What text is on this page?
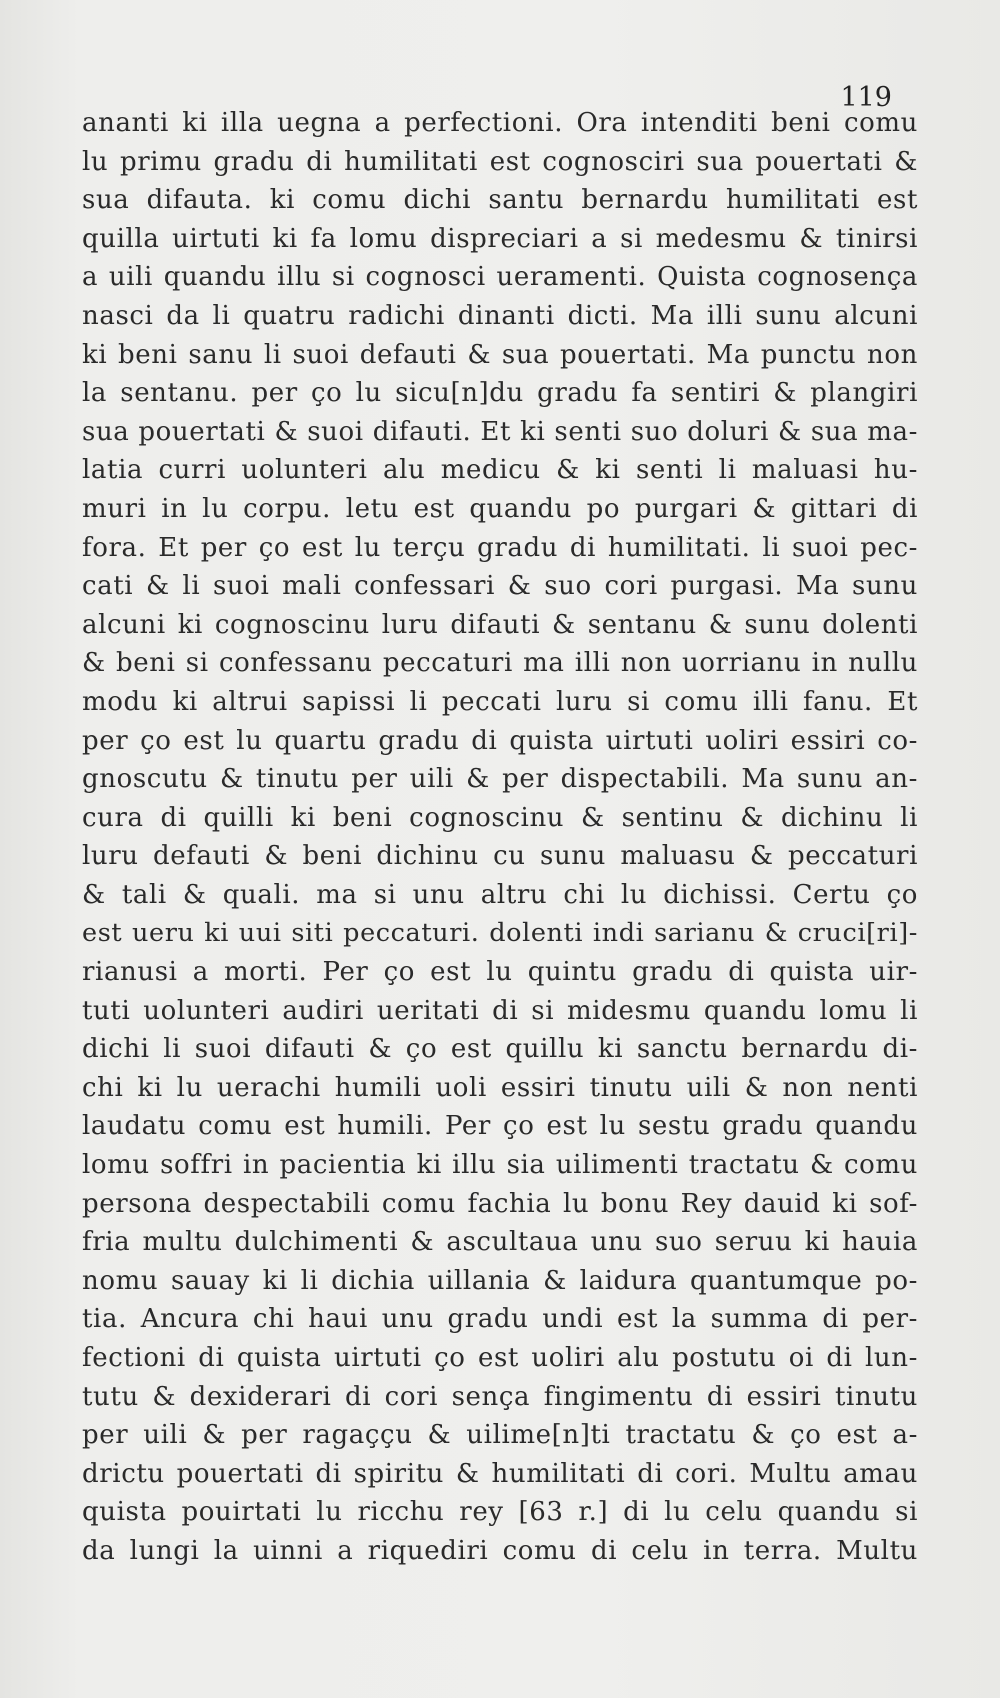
119
ananti ki illa uegna a perfectioni. Ora intenditi beni comu
lu primu gradu di humilitati est cognosciri sua pouertati &
sua difauta. ki comu dichi santu bernardu humilitati est
quilla uirtuti ki fa lomu dispreciari a si medesmu & tinirsi
a uili quandu illu si cognosci ueramenti. Quista cognosença
nasci da li quatru radichi dinanti dicti. Ma illi sunu alcuni
ki beni sanu li suoi defauti & sua pouertati. Ma punctu non
la sentanu. per ço lu sicu[n]du gradu fa sentiri & plangiri
sua pouertati & suoi difauti. Et ki senti suo doluri & sua ma-
latia curri uolunteri alu medicu & ki senti li maluasi hu-
muri in lu corpu. letu est quandu po purgari & gittari di
fora. Et per ço est lu terçu gradu di humilitati. li suoi pec-
cati & li suoi mali confessari & suo cori purgasi. Ma sunu
alcuni ki cognoscinu luru difauti & sentanu & sunu dolenti
& beni si confessanu peccaturi ma illi non uorrianu in nullu
modu ki altrui sapissi li peccati luru si comu illi fanu. Et
per ço est lu quartu gradu di quista uirtuti uoliri essiri co-
gnoscutu & tinutu per uili & per dispectabili. Ma sunu an-
cura di quilli ki beni cognoscinu & sentinu & dichinu li
luru defauti & beni dichinu cu sunu maluasu & peccaturi
& tali & quali. ma si unu altru chi lu dichissi. Certu ço
est ueru ki uui siti peccaturi. dolenti indi sarianu & cruci[ri]-
rianusi a morti. Per ço est lu quintu gradu di quista uir-
tuti uolunteri audiri ueritati di si midesmu quandu lomu li
dichi li suoi difauti & ço est quillu ki sanctu bernardu di-
chi ki lu uerachi humili uoli essiri tinutu uili & non nenti
laudatu comu est humili. Per ço est lu sestu gradu quandu
lomu soffri in pacientia ki illu sia uilimenti tractatu & comu
persona despectabili comu fachia lu bonu Rey dauid ki sof-
fria multu dulchimenti & ascultaua unu suo seruu ki hauia
nomu sauay ki li dichia uillania & laidura quantumque po-
tia. Ancura chi haui unu gradu undi est la summa di per-
fectioni di quista uirtuti ço est uoliri alu postutu oi di lun-
tutu & dexiderari di cori sença fingimentu di essiri tinutu
per uili & per ragaççu & uilime[n]ti tractatu & ço est a-
drictu pouertati di spiritu & humilitati di cori. Multu amau
quista pouirtati lu ricchu rey [63 r.] di lu celu quandu si
da lungi la uinni a riquediri comu di celu in terra. Multu
